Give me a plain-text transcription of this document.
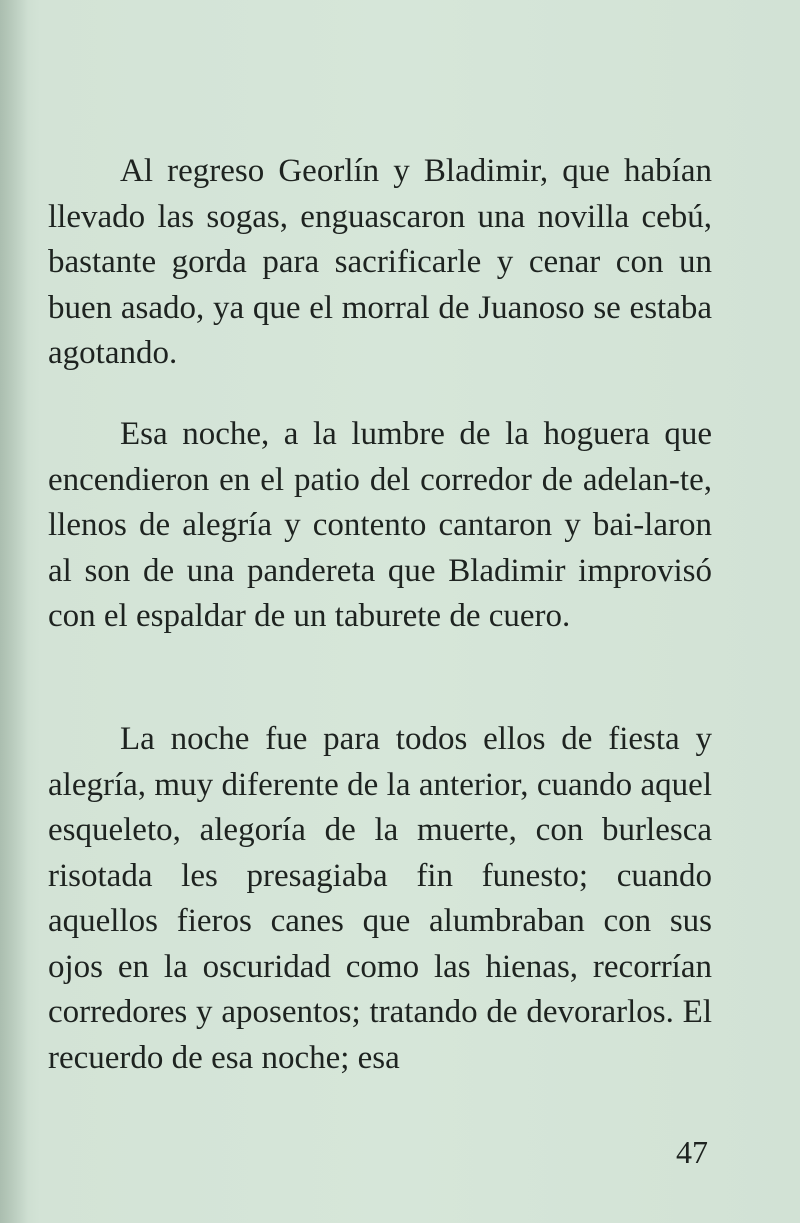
Al regreso Georlín y Bladimir, que habían llevado las sogas, enguascaron una novilla cebú, bastante gorda para sacrificarle y cenar con un buen asado, ya que el morral de Juanoso se estaba agotando.

Esa noche, a la lumbre de la hoguera que encendieron en el patio del corredor de adelan-te, llenos de alegría y contento cantaron y bai-laron al son de una pandereta que Bladimir improvisó con el espaldar de un taburete de cuero.

La noche fue para todos ellos de fiesta y alegría, muy diferente de la anterior, cuando aquel esqueleto, alegoría de la muerte, con burlesca risotada les presagiaba fin funesto; cuando aquellos fieros canes que alumbraban con sus ojos en la oscuridad como las hienas, recorrían corredores y aposentos; tratando de devorarlos. El recuerdo de esa noche; esa

47
